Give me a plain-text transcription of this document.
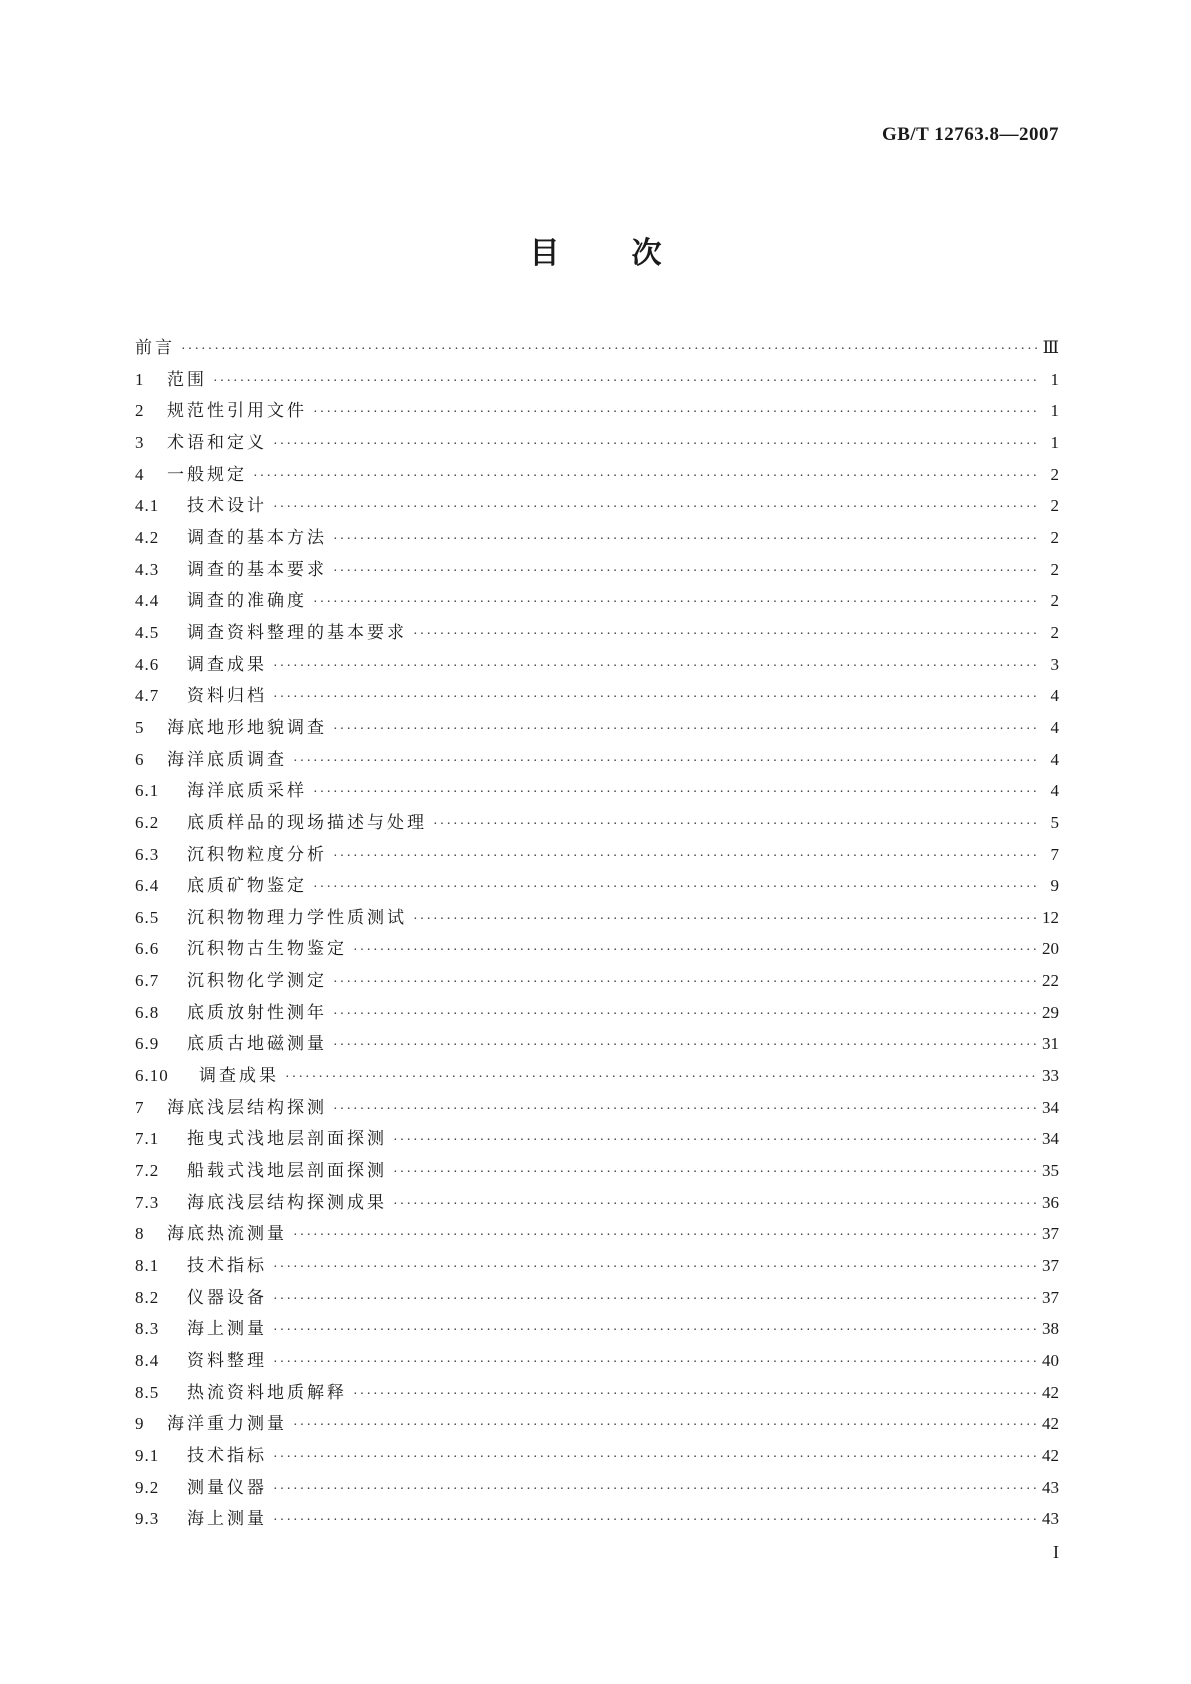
GB/T 12763.8—2007
目 次
前言 ·····	Ⅲ
1	范围 ·····	1
2	规范性引用文件 ·····	1
3	术语和定义 ·····	1
4	一般规定 ·····	2
4.1	技术设计 ·····	2
4.2	调查的基本方法 ·····	2
4.3	调查的基本要求 ·····	2
4.4	调查的准确度 ·····	2
4.5	调查资料整理的基本要求 ·····	2
4.6	调查成果 ·····	3
4.7	资料归档 ·····	4
5	海底地形地貌调查 ·····	4
6	海洋底质调查 ·····	4
6.1	海洋底质采样 ·····	4
6.2	底质样品的现场描述与处理 ·····	5
6.3	沉积物粒度分析 ·····	7
6.4	底质矿物鉴定 ·····	9
6.5	沉积物物理力学性质测试 ·····	12
6.6	沉积物古生物鉴定 ·····	20
6.7	沉积物化学测定 ·····	22
6.8	底质放射性测年 ·····	29
6.9	底质古地磁测量 ·····	31
6.10	调查成果 ·····	33
7	海底浅层结构探测 ·····	34
7.1	拖曳式浅地层剖面探测 ·····	34
7.2	船载式浅地层剖面探测 ·····	35
7.3	海底浅层结构探测成果 ·····	36
8	海底热流测量 ·····	37
8.1	技术指标 ·····	37
8.2	仪器设备 ·····	37
8.3	海上测量 ·····	38
8.4	资料整理 ·····	40
8.5	热流资料地质解释 ·····	42
9	海洋重力测量 ·····	42
9.1	技术指标 ·····	42
9.2	测量仪器 ·····	43
9.3	海上测量 ·····	43
I
